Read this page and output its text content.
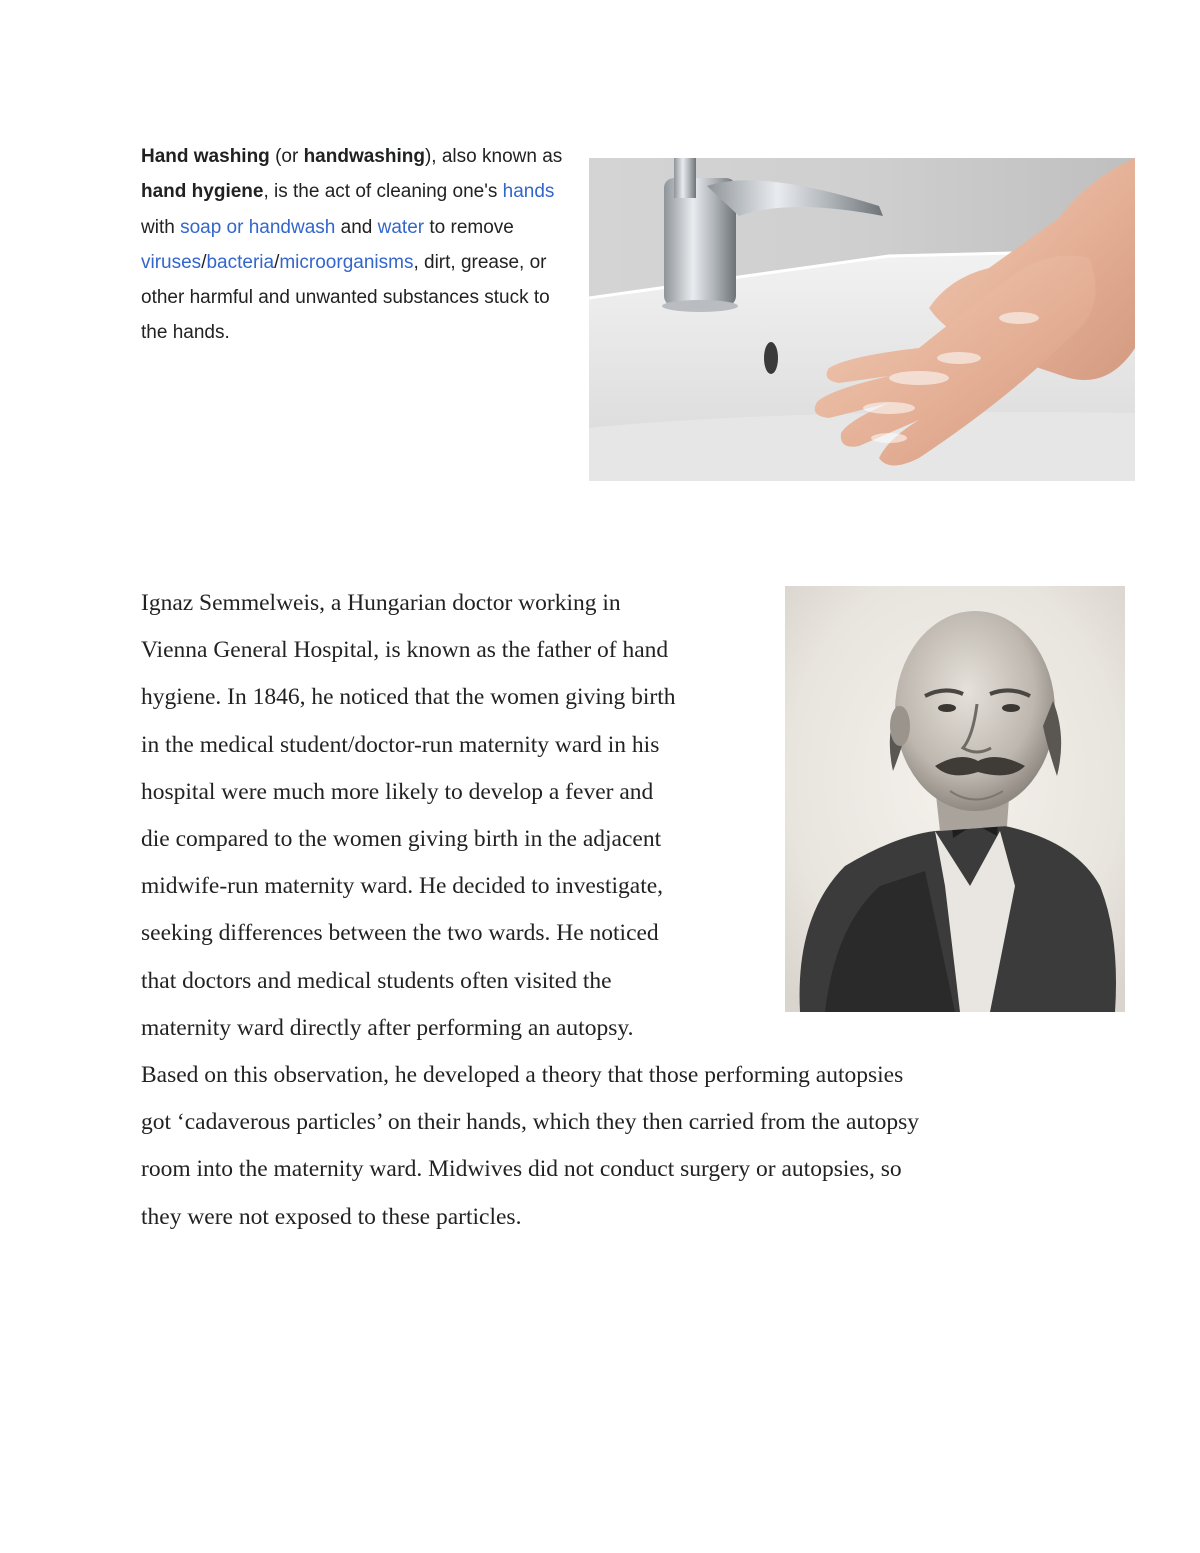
Hand washing (or handwashing), also known as hand hygiene, is the act of cleaning one's hands with soap or handwash and water to remove viruses/bacteria/microorganisms, dirt, grease, or other harmful and unwanted substances stuck to the hands.

Ignaz Semmelweis, a Hungarian doctor working in
Vienna General Hospital, is known as the father of hand
hygiene. In 1846, he noticed that the women giving birth
in the medical student/doctor-run maternity ward in his
hospital were much more likely to develop a fever and
die compared to the women giving birth in the adjacent
midwife-run maternity ward. He decided to investigate,
seeking differences between the two wards. He noticed
that doctors and medical students often visited the
maternity ward directly after performing an autopsy.
Based on this observation, he developed a theory that those performing autopsies
got ‘cadaverous particles’ on their hands, which they then carried from the autopsy
room into the maternity ward. Midwives did not conduct surgery or autopsies, so
they were not exposed to these particles.
